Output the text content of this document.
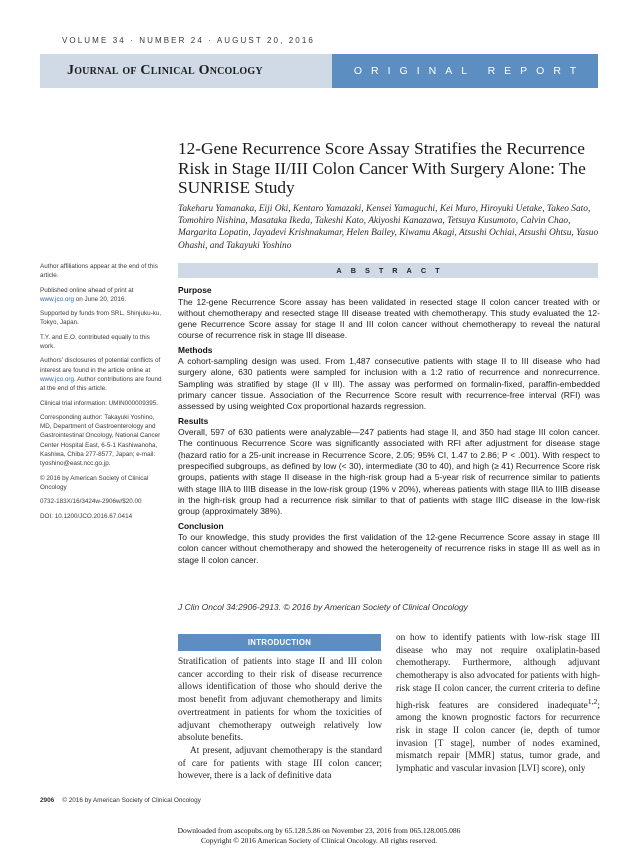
VOLUME 34 · NUMBER 24 · AUGUST 20, 2016
Journal of Clinical Oncology	ORIGINAL REPORT
12-Gene Recurrence Score Assay Stratifies the Recurrence Risk in Stage II/III Colon Cancer With Surgery Alone: The SUNRISE Study
Takeharu Yamanaka, Eiji Oki, Kentaro Yamazaki, Kensei Yamaguchi, Kei Muro, Hiroyuki Uetake, Takeo Sato, Tomohiro Nishina, Masataka Ikeda, Takeshi Kato, Akiyoshi Kanazawa, Tetsuya Kusumoto, Calvin Chao, Margarita Lopatin, Jayadevi Krishnakumar, Helen Bailey, Kiwamu Akagi, Atsushi Ochiai, Atsushi Ohtsu, Yasuo Ohashi, and Takayuki Yoshino

Author affiliations appear at the end of this article.

Published online ahead of print at www.jco.org on June 20, 2016.

Supported by funds from SRL, Shinjuku-ku, Tokyo, Japan.

T.Y. and E.O. contributed equally to this work.

Authors' disclosures of potential conflicts of interest are found in the article online at www.jco.org. Author contributions are found at the end of this article.

Clinical trial information: UMIN000009395.

Corresponding author: Takayuki Yoshino, MD, Department of Gastroenterology and Gastrointestinal Oncology, National Cancer Center Hospital East, 6-5-1 Kashiwanoha, Kashiwa, Chiba 277-8577, Japan; e-mail: tyoshino@east.ncc.go.jp.

© 2016 by American Society of Clinical Oncology

0732-183X/16/3424w-2906w/$20.00

DOI: 10.1200/JCO.2016.67.0414

ABSTRACT
Purpose

The 12-gene Recurrence Score assay has been validated in resected stage II colon cancer treated with or without chemotherapy and resected stage III disease treated with chemotherapy. This study evaluated the 12-gene Recurrence Score assay for stage II and III colon cancer without chemotherapy to reveal the natural course of recurrence risk in stage III disease.

Methods

A cohort-sampling design was used. From 1,487 consecutive patients with stage II to III disease who had surgery alone, 630 patients were sampled for inclusion with a 1:2 ratio of recurrence and nonrecurrence. Sampling was stratified by stage (II v III). The assay was performed on formalin-fixed, paraffin-embedded primary cancer tissue. Association of the Recurrence Score result with recurrence-free interval (RFI) was assessed by using weighted Cox proportional hazards regression.

Results

Overall, 597 of 630 patients were analyzable—247 patients had stage II, and 350 had stage III colon cancer. The continuous Recurrence Score was significantly associated with RFI after adjustment for disease stage (hazard ratio for a 25-unit increase in Recurrence Score, 2.05; 95% CI, 1.47 to 2.86; P < .001). With respect to prespecified subgroups, as defined by low (< 30), intermediate (30 to 40), and high (≥ 41) Recurrence Score risk groups, patients with stage II disease in the high-risk group had a 5-year risk of recurrence similar to patients with stage IIIA to IIIB disease in the low-risk group (19% v 20%), whereas patients with stage IIIA to IIIB disease in the high-risk group had a recurrence risk similar to that of patients with stage IIIC disease in the low-risk group (approximately 38%).

Conclusion

To our knowledge, this study provides the first validation of the 12-gene Recurrence Score assay in stage III colon cancer without chemotherapy and showed the heterogeneity of recurrence risks in stage III as well as in stage II colon cancer.

J Clin Oncol 34:2906-2913. © 2016 by American Society of Clinical Oncology
INTRODUCTION

Stratification of patients into stage II and III colon cancer according to their risk of disease recurrence allows identification of those who should derive the most benefit from adjuvant chemotherapy and limits overtreatment in patients for whom the toxicities of adjuvant chemotherapy outweigh relatively low absolute benefits.

At present, adjuvant chemotherapy is the standard of care for patients with stage III colon cancer; however, there is a lack of definitive data

on how to identify patients with low-risk stage III disease who may not require oxaliplatin-based chemotherapy. Furthermore, although adjuvant chemotherapy is also advocated for patients with high-risk stage II colon cancer, the current criteria to define high-risk features are considered inadequate$^{1,2}$; among the known prognostic factors for recurrence risk in stage II colon cancer (ie, depth of tumor invasion [T stage], number of nodes examined, mismatch repair [MMR] status, tumor grade, and lymphatic and vascular invasion [LVI] score), only

2906 © 2016 by American Society of Clinical Oncology
Downloaded from ascopubs.org by 65.128.5.86 on November 23, 2016 from 065.128.005.086
Copyright © 2016 American Society of Clinical Oncology. All rights reserved.
